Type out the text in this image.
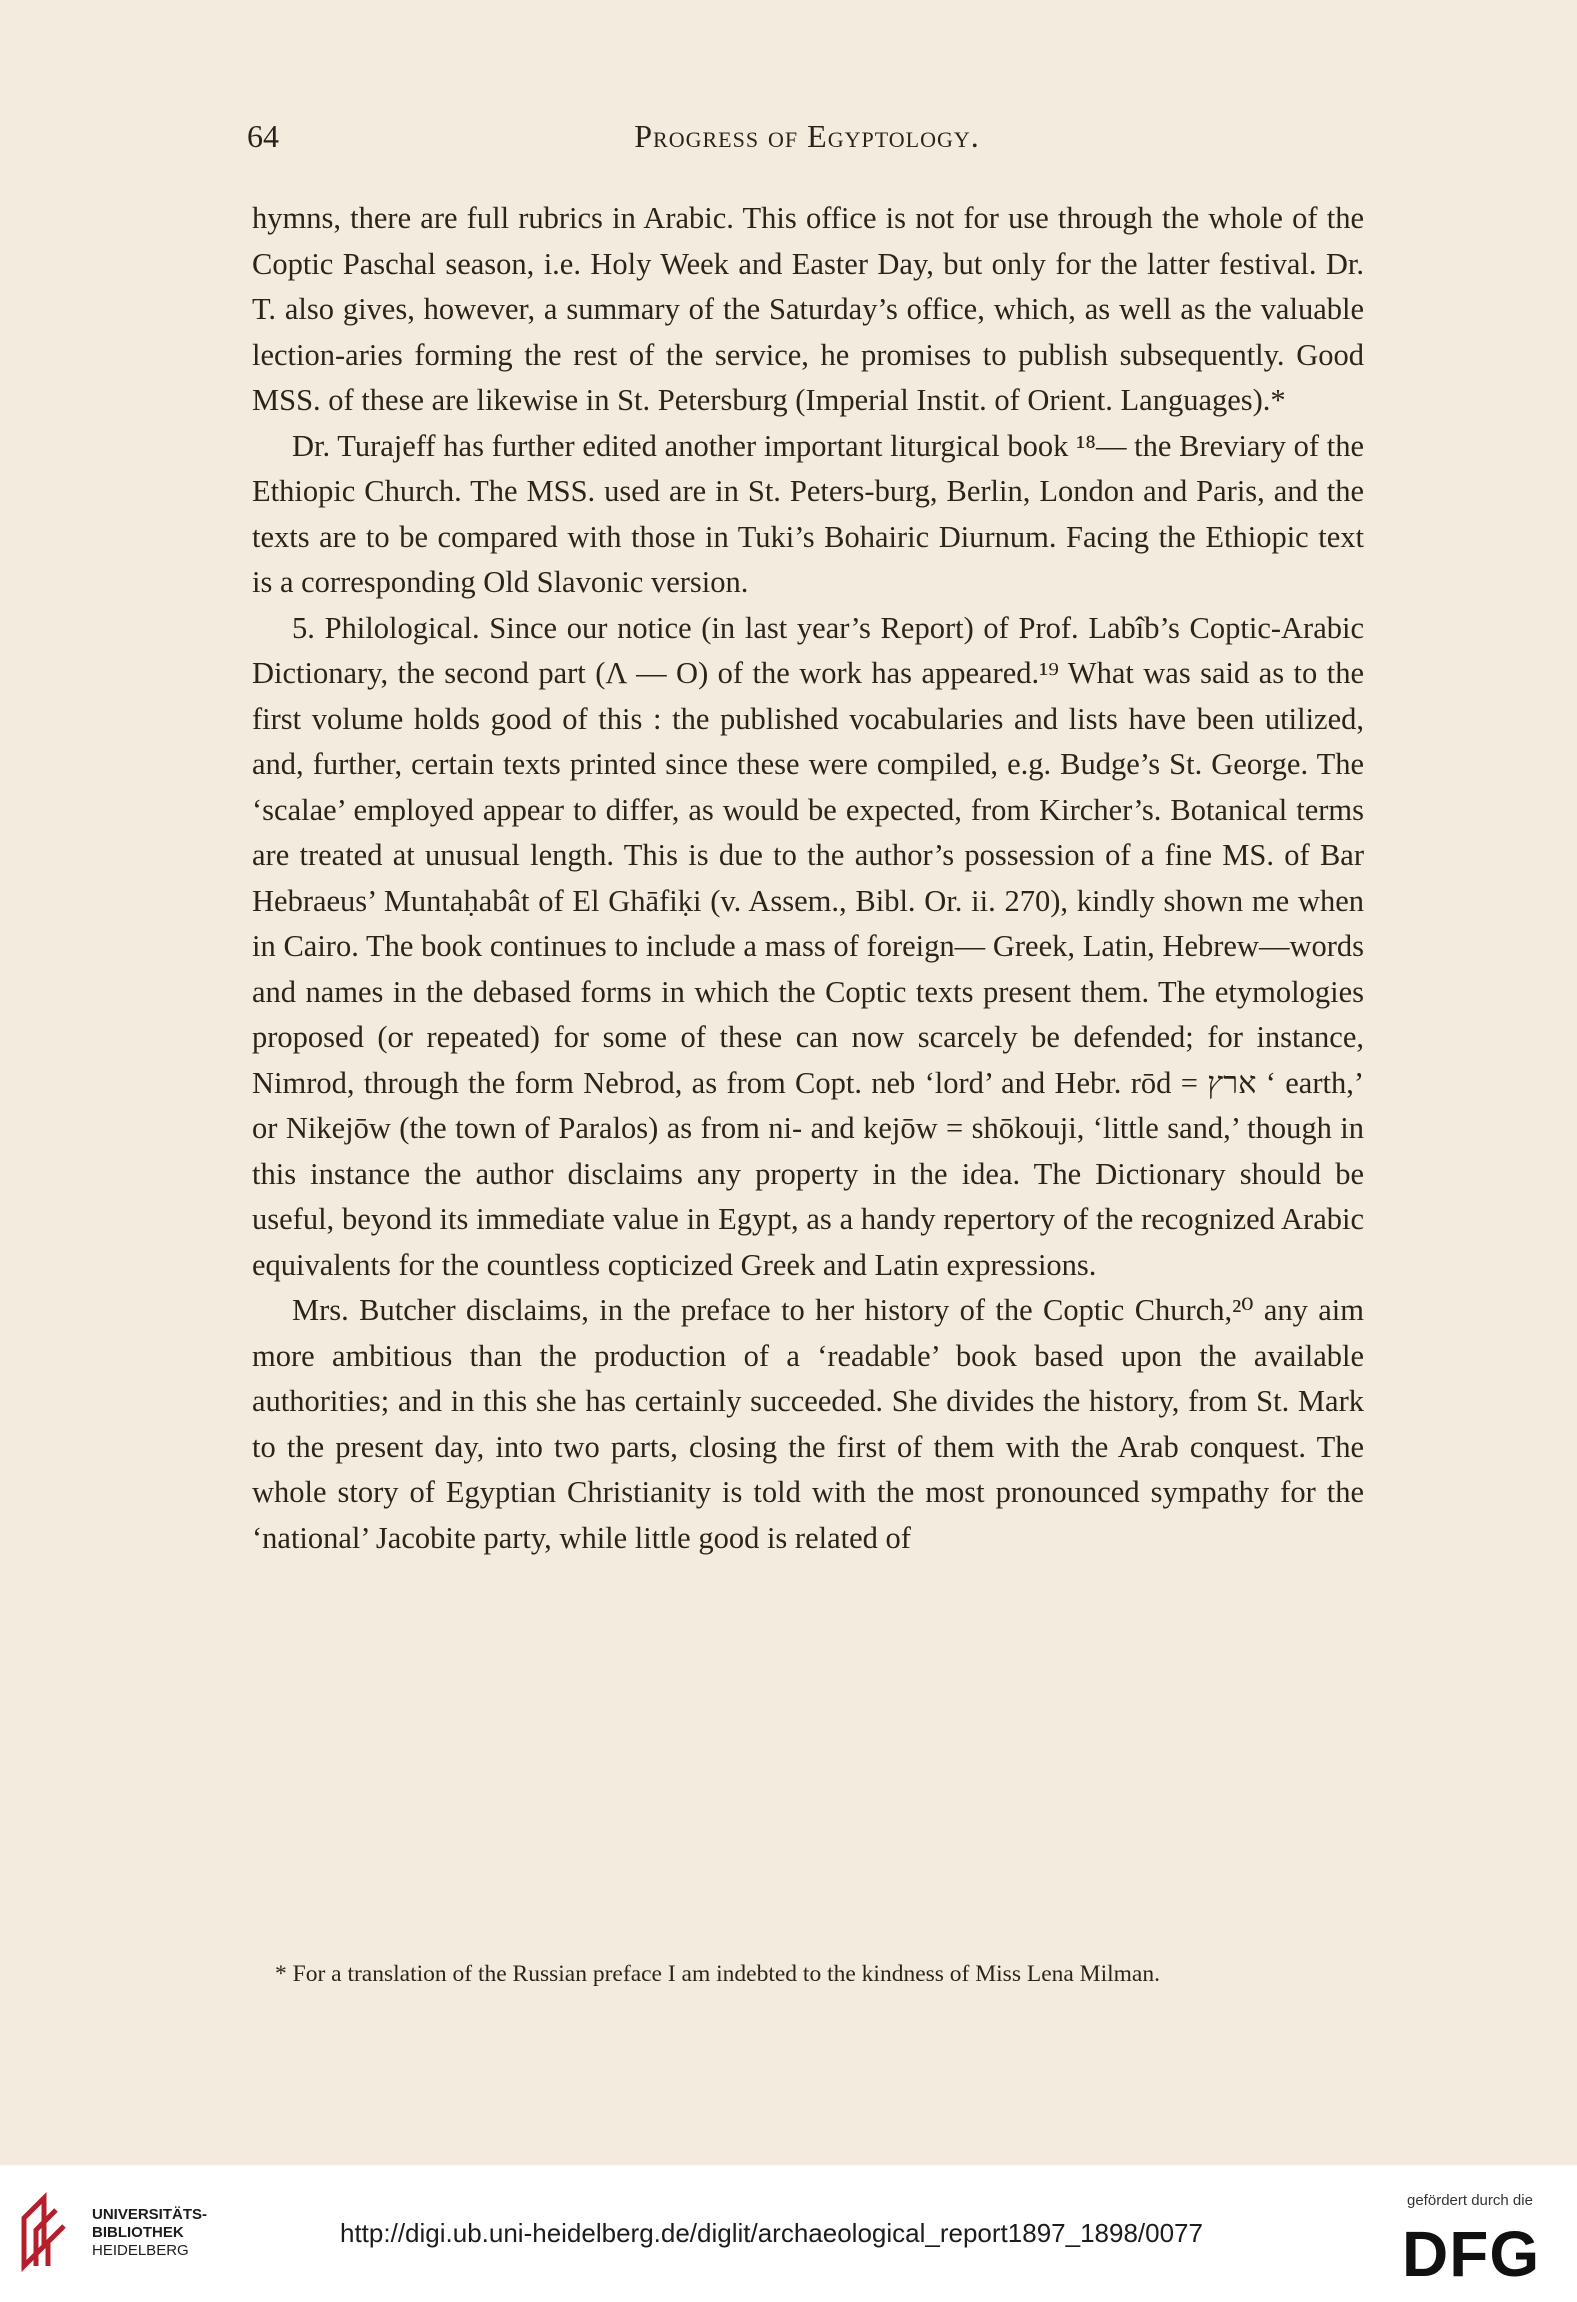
64	Progress of Egyptology.

hymns, there are full rubrics in Arabic. This office is not for use through the whole of the Coptic Paschal season, i.e. Holy Week and Easter Day, but only for the latter festival. Dr. T. also gives, however, a summary of the Saturday’s office, which, as well as the valuable lection-aries forming the rest of the service, he promises to publish subsequently. Good MSS. of these are likewise in St. Petersburg (Imperial Instit. of Orient. Languages).*

Dr. Turajeff has further edited another important liturgical book ¹⁸— the Breviary of the Ethiopic Church. The MSS. used are in St. Peters-burg, Berlin, London and Paris, and the texts are to be compared with those in Tuki’s Bohairic Diurnum. Facing the Ethiopic text is a corresponding Old Slavonic version.

5. Philological. Since our notice (in last year’s Report) of Prof. Labîb’s Coptic-Arabic Dictionary, the second part (Λ — O) of the work has appeared.¹⁹ What was said as to the first volume holds good of this : the published vocabularies and lists have been utilized, and, further, certain texts printed since these were compiled, e.g. Budge’s St. George. The ‘scalae’ employed appear to differ, as would be expected, from Kircher’s. Botanical terms are treated at unusual length. This is due to the author’s possession of a fine MS. of Bar Hebraeus’ Muntaḥabât of El Ghāfiḳi (v. Assem., Bibl. Or. ii. 270), kindly shown me when in Cairo. The book continues to include a mass of foreign— Greek, Latin, Hebrew—words and names in the debased forms in which the Coptic texts present them. The etymologies proposed (or repeated) for some of these can now scarcely be defended; for instance, Nimrod, through the form Nebrod, as from Copt. neb ‘lord’ and Hebr. rōd = ארץ ‘ earth,’ or Nikejōw (the town of Paralos) as from ni- and kejōw = shōkouji, ‘little sand,’ though in this instance the author disclaims any property in the idea. The Dictionary should be useful, beyond its immediate value in Egypt, as a handy repertory of the recognized Arabic equivalents for the countless copticized Greek and Latin expressions.

Mrs. Butcher disclaims, in the preface to her history of the Coptic Church,²⁰ any aim more ambitious than the production of a ‘readable’ book based upon the available authorities; and in this she has certainly succeeded. She divides the history, from St. Mark to the present day, into two parts, closing the first of them with the Arab conquest. The whole story of Egyptian Christianity is told with the most pronounced sympathy for the ‘national’ Jacobite party, while little good is related of

* For a translation of the Russian preface I am indebted to the kindness of Miss Lena Milman.

UNIVERSITÄTS-
BIBLIOTHEK
HEIDELBERG
http://digi.ub.uni-heidelberg.de/diglit/archaeological_report1897_1898/0077
gefördert durch die
DFG
